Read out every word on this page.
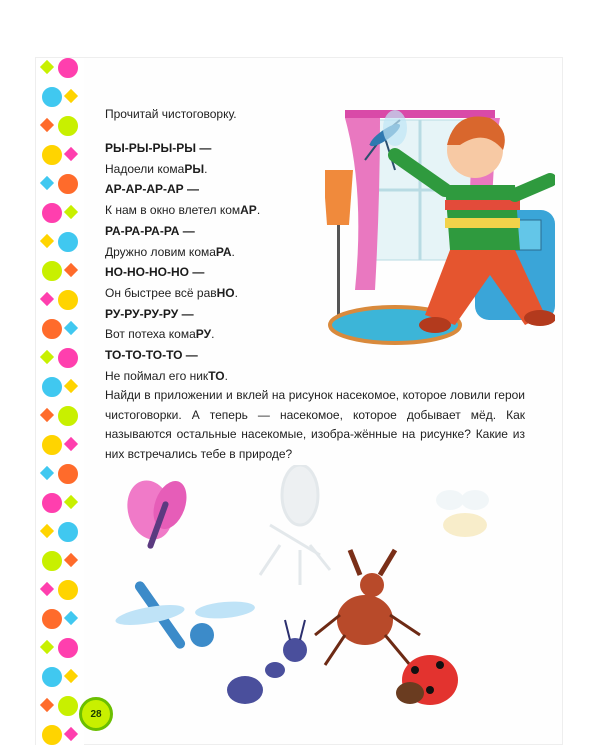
28
Прочитай чистоговорку.
РЫ-РЫ-РЫ-РЫ —
Надоели комаРЫ.
АР-АР-АР-АР —
К нам в окно влетел комАР.
РА-РА-РА-РА —
Дружно ловим комаРА.
НО-НО-НО-НО —
Он быстрее всё равНО.
РУ-РУ-РУ-РУ —
Вот потеха комаРУ.
ТО-ТО-ТО-ТО —
Не поймал его никТО.
Найди в приложении и вклей на рисунок насекомое, которое ловили герои чистоговорки. А теперь — насекомое, которое добывает мёд. Как называются остальные насекомые, изобра-жённые на рисунке? Какие из них встречались тебе в природе?
